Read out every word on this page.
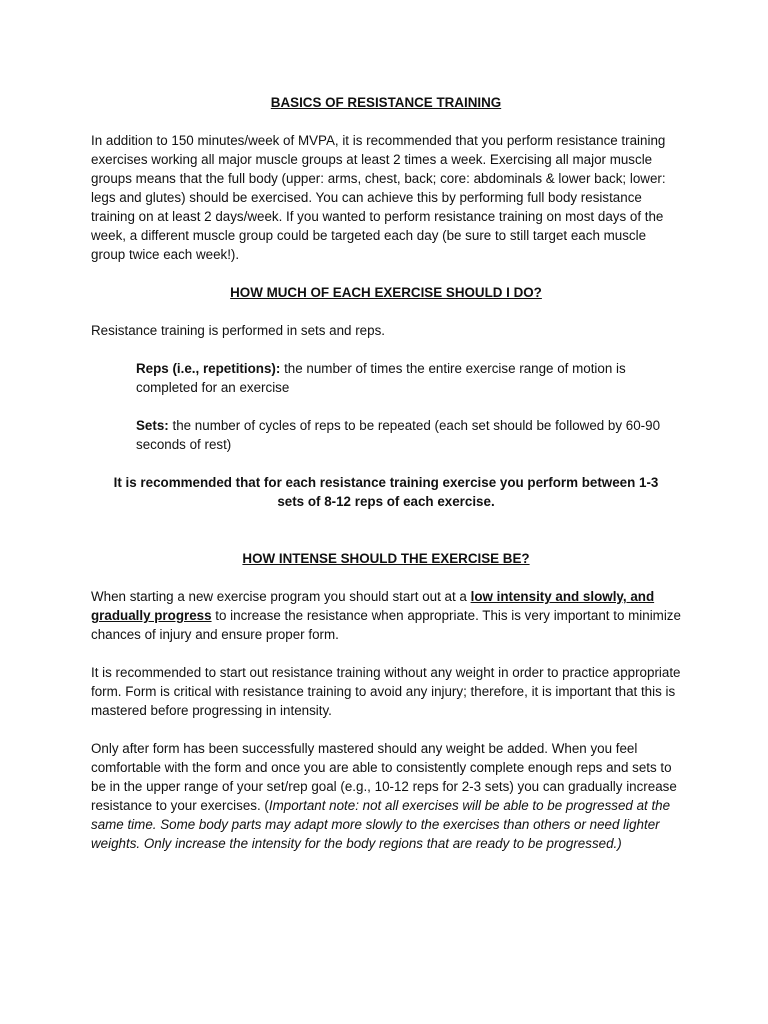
BASICS OF RESISTANCE TRAINING

In addition to 150 minutes/week of MVPA, it is recommended that you perform resistance training exercises working all major muscle groups at least 2 times a week. Exercising all major muscle groups means that the full body (upper: arms, chest, back; core: abdominals & lower back; lower: legs and glutes) should be exercised. You can achieve this by performing full body resistance training on at least 2 days/week. If you wanted to perform resistance training on most days of the week, a different muscle group could be targeted each day (be sure to still target each muscle group twice each week!).

HOW MUCH OF EACH EXERCISE SHOULD I DO?

Resistance training is performed in sets and reps.

Reps (i.e., repetitions): the number of times the entire exercise range of motion is completed for an exercise

Sets: the number of cycles of reps to be repeated (each set should be followed by 60-90 seconds of rest)

It is recommended that for each resistance training exercise you perform between 1-3 sets of 8-12 reps of each exercise.

HOW INTENSE SHOULD THE EXERCISE BE?

When starting a new exercise program you should start out at a low intensity and slowly, and gradually progress to increase the resistance when appropriate. This is very important to minimize chances of injury and ensure proper form.

It is recommended to start out resistance training without any weight in order to practice appropriate form. Form is critical with resistance training to avoid any injury; therefore, it is important that this is mastered before progressing in intensity.

Only after form has been successfully mastered should any weight be added. When you feel comfortable with the form and once you are able to consistently complete enough reps and sets to be in the upper range of your set/rep goal (e.g., 10-12 reps for 2-3 sets) you can gradually increase resistance to your exercises. (Important note: not all exercises will be able to be progressed at the same time. Some body parts may adapt more slowly to the exercises than others or need lighter weights. Only increase the intensity for the body regions that are ready to be progressed.)
